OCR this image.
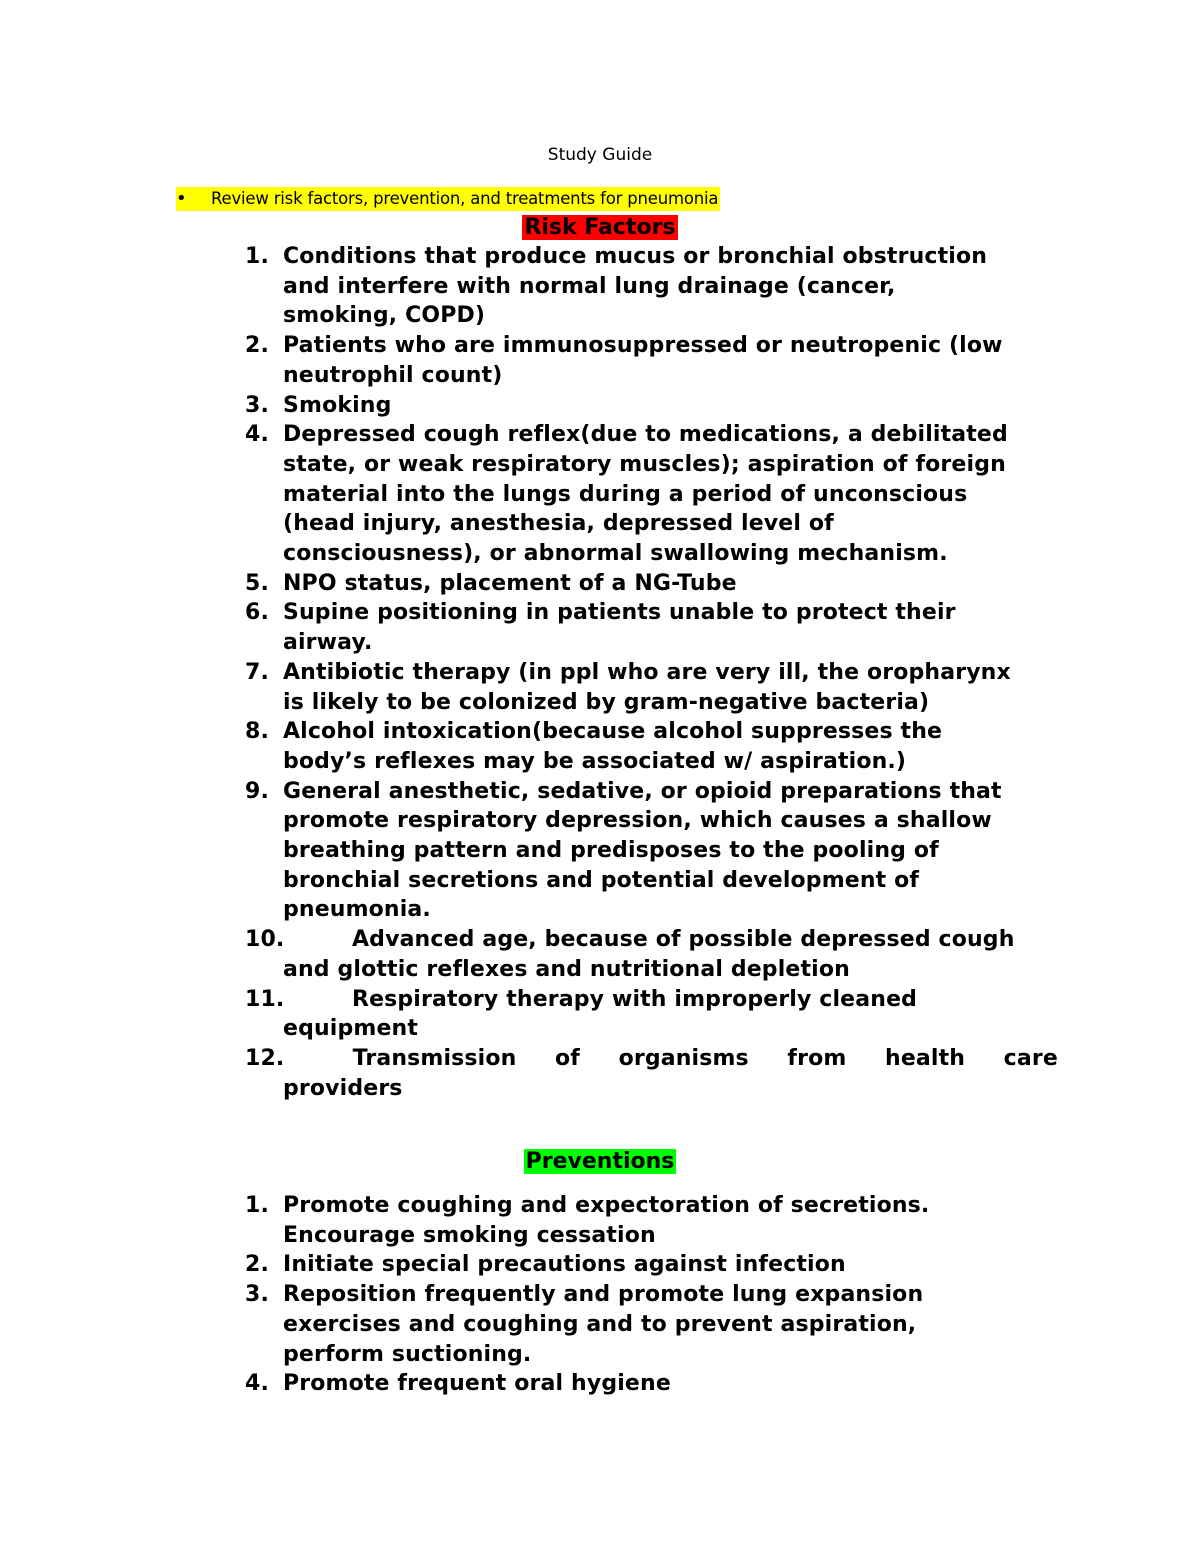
Study Guide
•	Review risk factors, prevention, and treatments for pneumonia
Risk Factors
1. Conditions that produce mucus or bronchial obstruction
and interfere with normal lung drainage (cancer,
smoking, COPD)
2. Patients who are immunosuppressed or neutropenic (low
neutrophil count)
3. Smoking
4. Depressed cough reflex(due to medications, a debilitated
state, or weak respiratory muscles); aspiration of foreign
material into the lungs during a period of unconscious
(head injury, anesthesia, depressed level of
consciousness), or abnormal swallowing mechanism.
5. NPO status, placement of a NG-Tube
6. Supine positioning in patients unable to protect their
airway.
7. Antibiotic therapy (in ppl who are very ill, the oropharynx
is likely to be colonized by gram-negative bacteria)
8. Alcohol intoxication(because alcohol suppresses the
body’s reflexes may be associated w/ aspiration.)
9. General anesthetic, sedative, or opioid preparations that
promote respiratory depression, which causes a shallow
breathing pattern and predisposes to the pooling of
bronchial secretions and potential development of
pneumonia.
10.	Advanced age, because of possible depressed cough
and glottic reflexes and nutritional depletion
11.	Respiratory therapy with improperly cleaned
equipment
12.	Transmission of organisms from health care
providers
Preventions
1. Promote coughing and expectoration of secretions.
Encourage smoking cessation
2. Initiate special precautions against infection
3. Reposition frequently and promote lung expansion
exercises and coughing and to prevent aspiration,
perform suctioning.
4. Promote frequent oral hygiene
